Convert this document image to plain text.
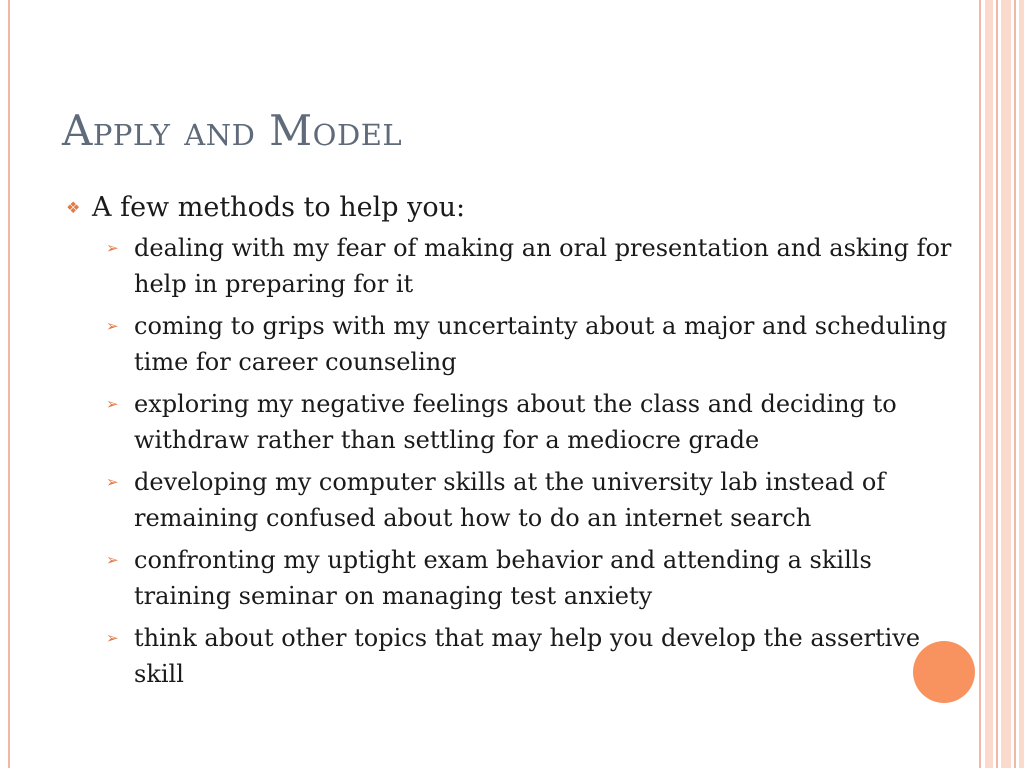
Apply and Model
❖ A few methods to help you:
➢ dealing with my fear of making an oral presentation and asking for help in preparing for it
➢ coming to grips with my uncertainty about a major and scheduling time for career counseling
➢ exploring my negative feelings about the class and deciding to withdraw rather than settling for a mediocre grade
➢ developing my computer skills at the university lab instead of remaining confused about how to do an internet search
➢ confronting my uptight exam behavior and attending a skills training seminar on managing test anxiety
➢ think about other topics that may help you develop the assertive skill
